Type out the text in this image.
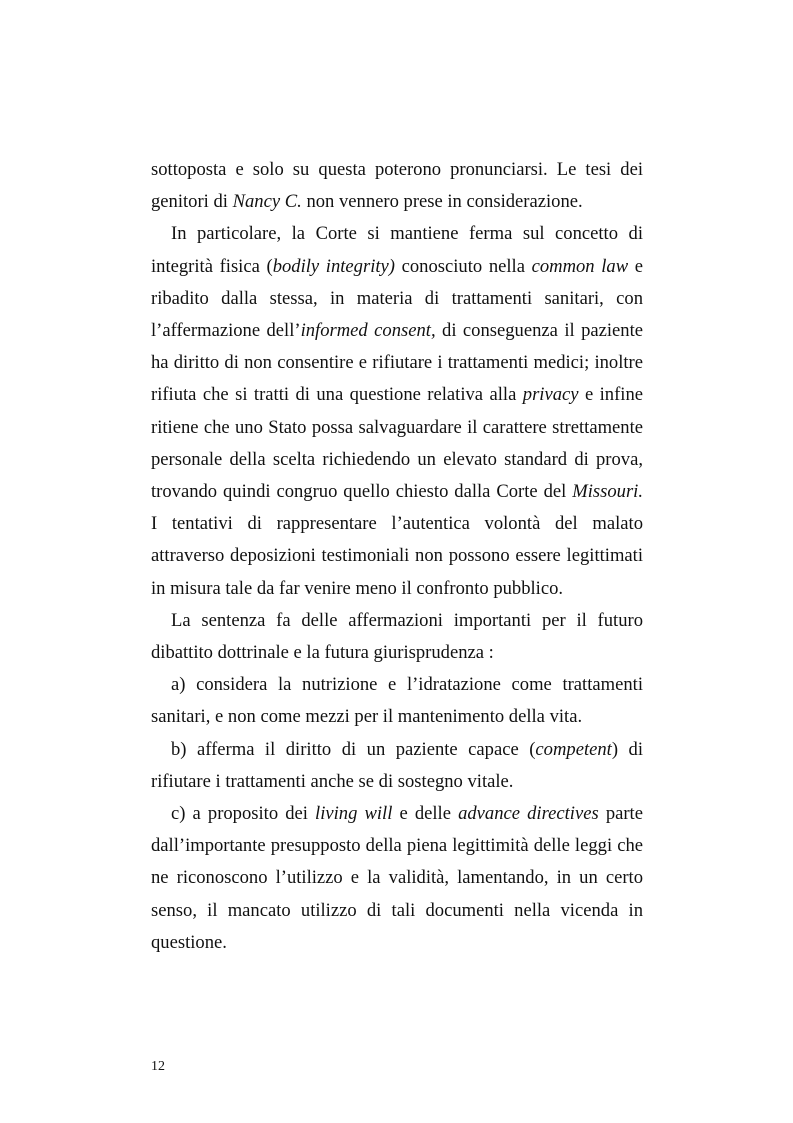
sottoposta e solo su questa poterono pronunciarsi. Le tesi dei genitori di Nancy C. non vennero prese in considerazione.

In particolare, la Corte si mantiene ferma sul concetto di integrità fisica (bodily integrity) conosciuto nella common law e ribadito dalla stessa, in materia di trattamenti sanitari, con l’affermazione dell’informed consent, di conseguenza il paziente ha diritto di non consentire e rifiutare i trattamenti medici; inoltre rifiuta che si tratti di una questione relativa alla privacy e infine ritiene che uno Stato possa salvaguardare il carattere strettamente personale della scelta richiedendo un elevato standard di prova, trovando quindi congruo quello chiesto dalla Corte del Missouri. I tentativi di rappresentare l’autentica volontà del malato attraverso deposizioni testimoniali non possono essere legittimati in misura tale da far venire meno il confronto pubblico.

La sentenza fa delle affermazioni importanti per il futuro dibattito dottrinale e la futura giurisprudenza :

a) considera la nutrizione e l’idratazione come trattamenti sanitari, e non come mezzi per il mantenimento della vita.

b) afferma il diritto di un paziente capace (competent) di rifiutare i trattamenti anche se di sostegno vitale.

c) a proposito dei living will e delle advance directives parte dall’importante presupposto della piena legittimità delle leggi che ne riconoscono l’utilizzo e la validità, lamentando, in un certo senso, il mancato utilizzo di tali documenti nella vicenda in questione.

12
